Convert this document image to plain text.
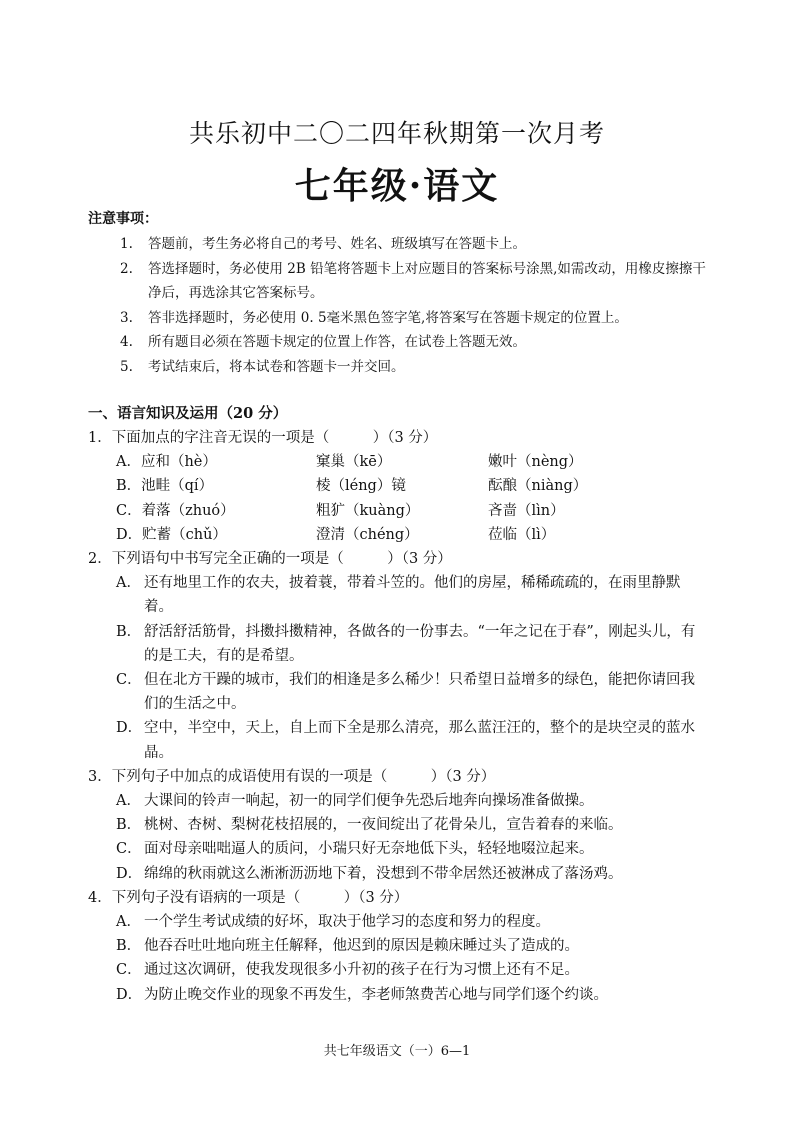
共乐初中二〇二四年秋期第一次月考
七年级·语文
注意事项：
1.	答题前，考生务必将自己的考号、姓名、班级填写在答题卡上。
2.	答选择题时，务必使用 2B 铅笔将答题卡上对应题目的答案标号涂黑,如需改动，用橡皮擦擦干净后，再选涂其它答案标号。
3.	答非选择题时，务必使用 0. 5毫米黑色签字笔,将答案写在答题卡规定的位置上。
4.	所有题目必须在答题卡规定的位置上作答，在试卷上答题无效。
5.	考试结束后，将本试卷和答题卡一并交回。
一、语言知识及运用（20 分）
1．下面加点的字注音无误的一项是（　　　）（3 分）
A．应和（hè）	窠巢（kē）	嫩叶（nèng）
B．池畦（qí）	棱（léng）镜	酝酿（niàng）
C．着落（zhuó）	粗犷（kuàng）	吝啬（lìn）
D．贮蓄（chǔ）	澄清（chéng）	莅临（lì）
2．下列语句中书写完全正确的一项是（　　　）（3 分）
A． 还有地里工作的农夫，披着蓑，带着斗笠的。他们的房屋，稀稀疏疏的，在雨里静默着。
B． 舒活舒活筋骨，抖擞抖擞精神，各做各的一份事去。“一年之记在于春”，刚起头儿，有的是工夫，有的是希望。
C． 但在北方干躁的城市，我们的相逢是多么稀少！只希望日益增多的绿色，能把你请回我们的生活之中。
D． 空中，半空中，天上，自上而下全是那么清亮，那么蓝汪汪的，整个的是块空灵的蓝水晶。
3．下列句子中加点的成语使用有误的一项是（　　　）（3 分）
A． 大课间的铃声一响起，初一的同学们便争先恐后地奔向操场准备做操。
B． 桃树、杏树、梨树花枝招展的，一夜间绽出了花骨朵儿，宣告着春的来临。
C． 面对母亲咄咄逼人的质问，小瑞只好无奈地低下头，轻轻地啜泣起来。
D． 绵绵的秋雨就这么淅淅沥沥地下着，没想到不带伞居然还被淋成了落汤鸡。
4．下列句子没有语病的一项是（　　　）（3 分）
A． 一个学生考试成绩的好坏，取决于他学习的态度和努力的程度。
B． 他吞吞吐吐地向班主任解释，他迟到的原因是赖床睡过头了造成的。
C． 通过这次调研，使我发现很多小升初的孩子在行为习惯上还有不足。
D． 为防止晚交作业的现象不再发生，李老师煞费苦心地与同学们逐个约谈。
共七年级语文（一）6—1
